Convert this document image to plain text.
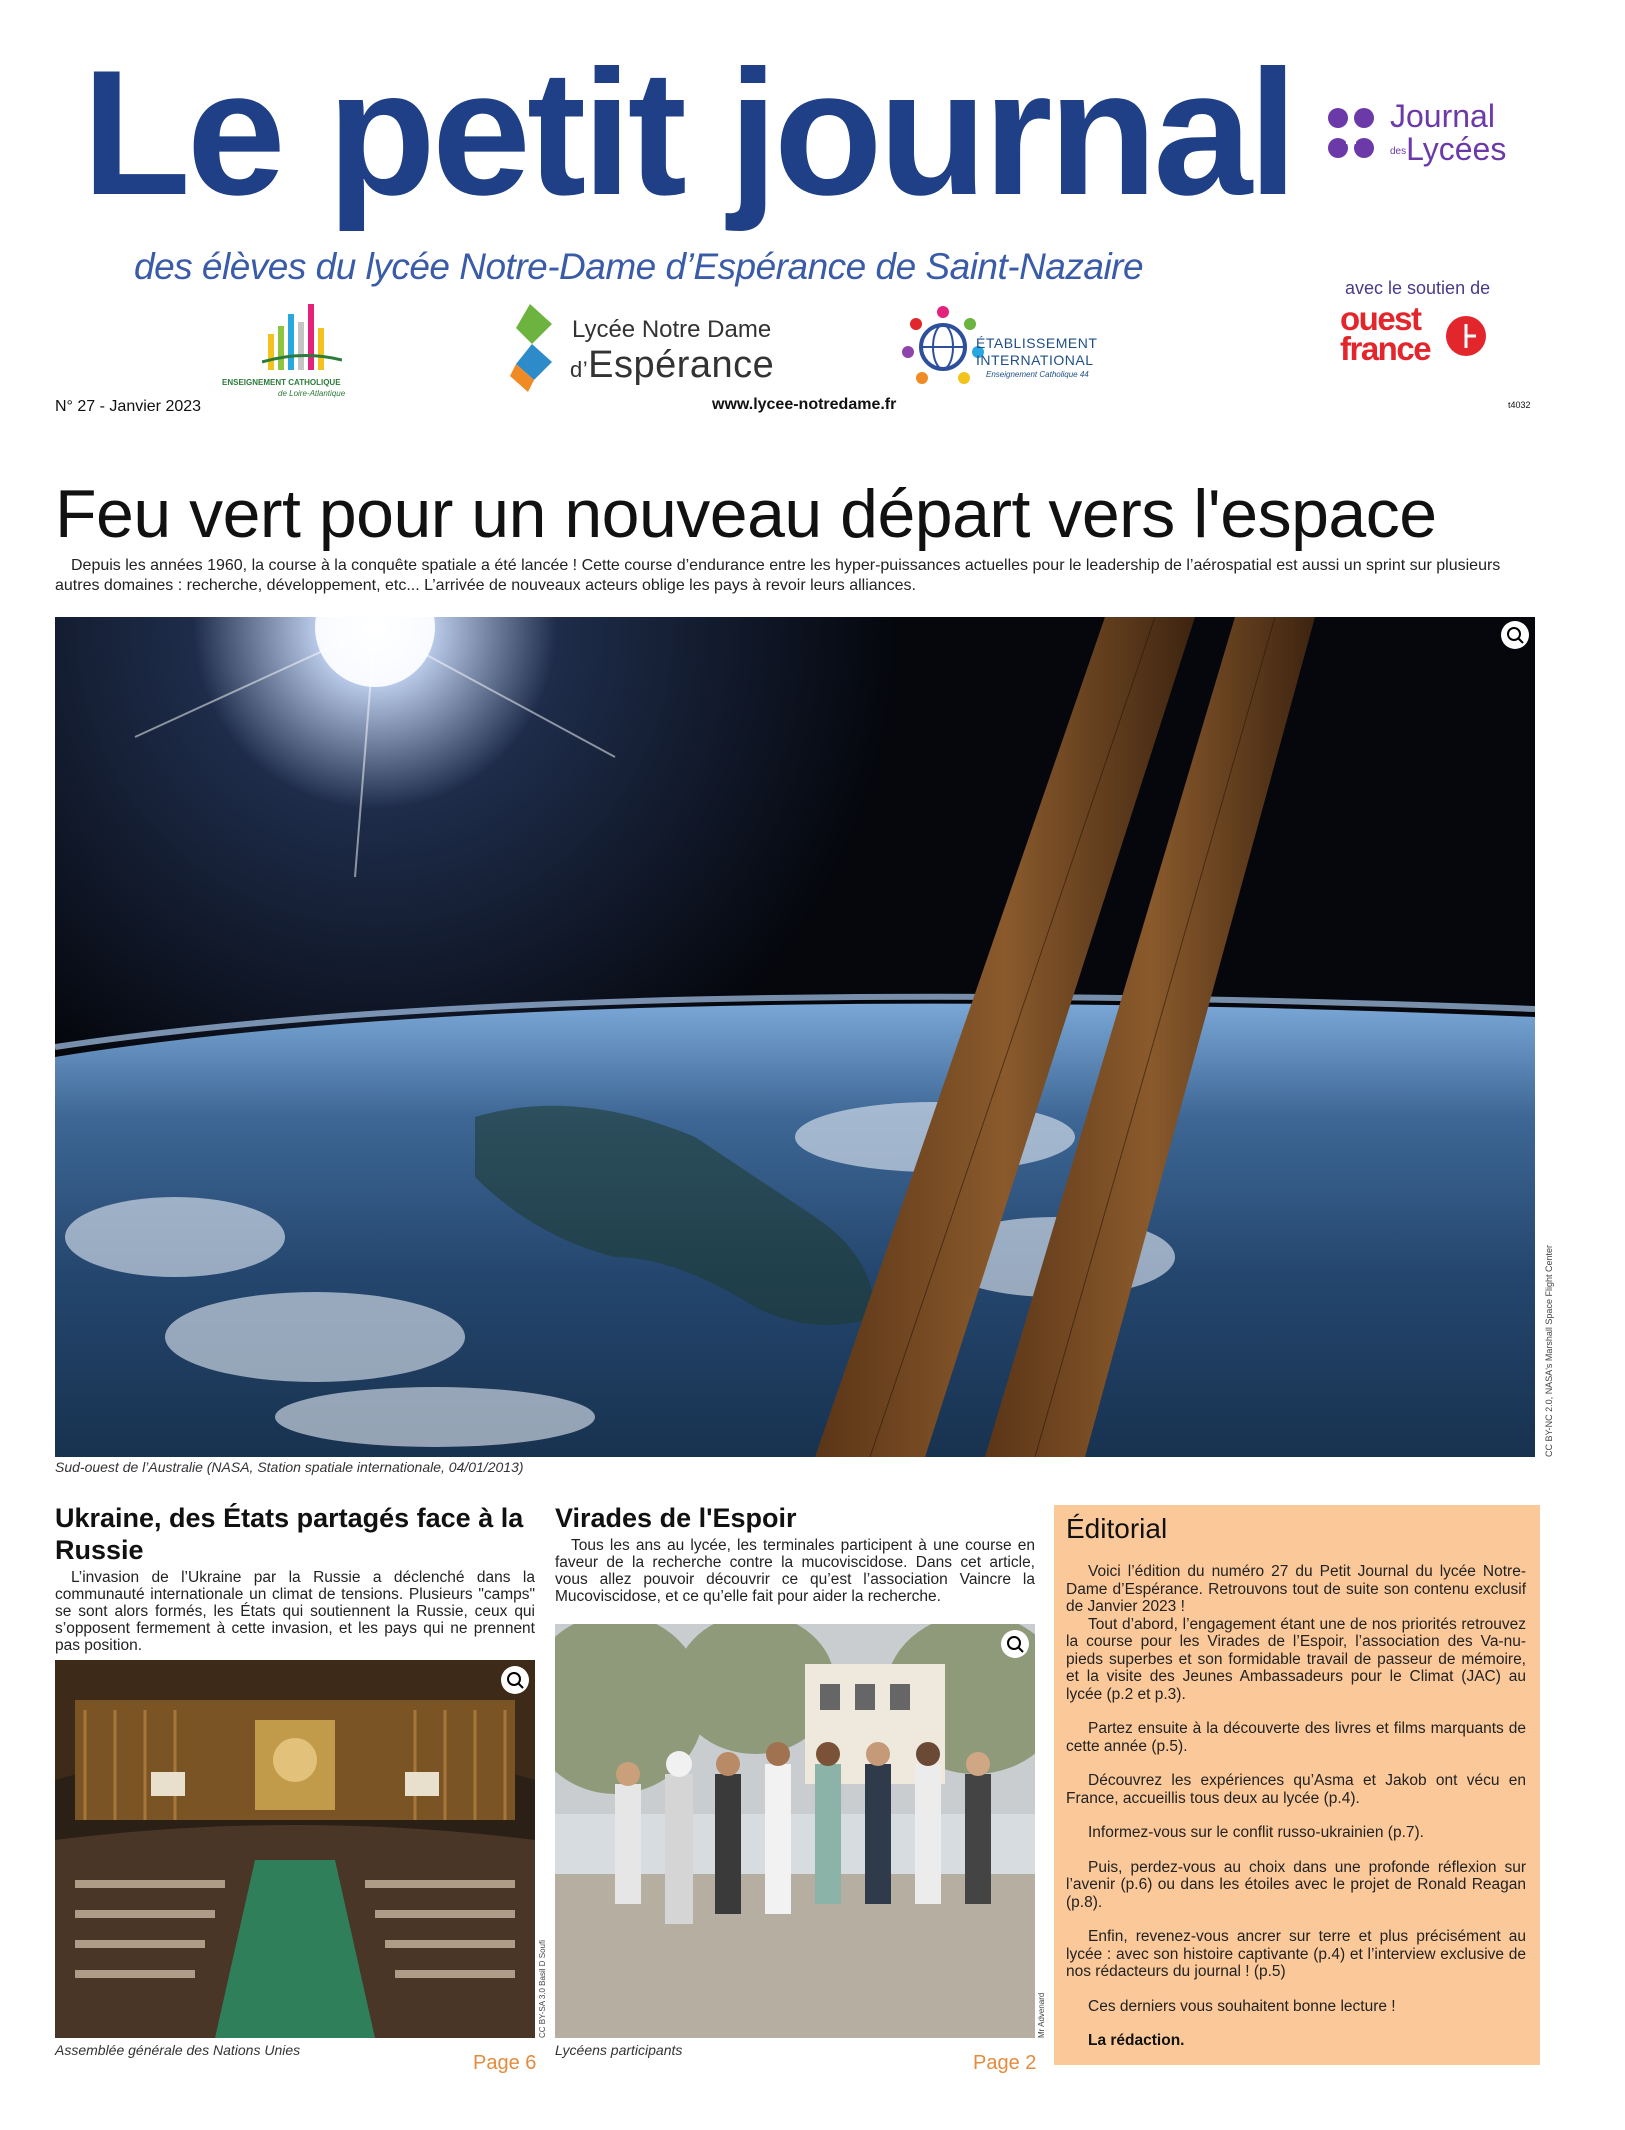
Le petit journal
des élèves du lycée Notre-Dame d’Espérance de Saint-Nazaire
Journal
desLycées
avec le soutien de
ouest
france
ENSEIGNEMENT CATHOLIQUE
de Loire-Atlantique
Lycée Notre Dame
d’Espérance
ÉTABLISSEMENT
INTERNATIONAL
Enseignement Catholique 44
N° 27 - Janvier 2023	www.lycee-notredame.fr	t4032
Feu vert pour un nouveau départ vers l'espace

Depuis les années 1960, la course à la conquête spatiale a été lancée ! Cette course d’endurance entre les hyper-puissances actuelles pour le leadership de l’aérospatial est aussi un sprint sur plusieurs autres domaines : recherche, développement, etc... L’arrivée de nouveaux acteurs oblige les pays à revoir leurs alliances.

Sud-ouest de l’Australie (NASA, Station spatiale internationale, 04/01/2013)
CC BY-NC 2.0, NASA's Marshall Space Flight Center
Ukraine, des États partagés face à la Russie

L’invasion de l’Ukraine par la Russie a déclenché dans la communauté internationale un climat de tensions. Plusieurs "camps" se sont alors formés, les États qui soutiennent la Russie, ceux qui s’opposent fermement à cette invasion, et les pays qui ne prennent pas position.

Assemblée générale des Nations Unies
Page 6
CC BY-SA 3.0 Basil D Soufi
Virades de l'Espoir

Tous les ans au lycée, les terminales participent à une course en faveur de la recherche contre la mucoviscidose. Dans cet article, vous allez pouvoir découvrir ce qu’est l’association Vaincre la Mucoviscidose, et ce qu’elle fait pour aider la recherche.

Lycéens participants
Page 2
Mr Advenard
Éditorial

Voici l’édition du numéro 27 du Petit Journal du lycée Notre-Dame d’Espérance. Retrouvons tout de suite son contenu exclusif de Janvier 2023 !

Tout d’abord, l’engagement étant une de nos priorités retrouvez la course pour les Virades de l’Espoir, l’association des Va-nu-pieds superbes et son formidable travail de passeur de mémoire, et la visite des Jeunes Ambassadeurs pour le Climat (JAC) au lycée (p.2 et p.3).

Partez ensuite à la découverte des livres et films marquants de cette année (p.5).

Découvrez les expériences qu’Asma et Jakob ont vécu en France, accueillis tous deux au lycée (p.4).

Informez-vous sur le conflit russo-ukrainien (p.7).

Puis, perdez-vous au choix dans une profonde réflexion sur l’avenir (p.6) ou dans les étoiles avec le projet de Ronald Reagan (p.8).

Enfin, revenez-vous ancrer sur terre et plus précisément au lycée : avec son histoire captivante (p.4) et l’interview exclusive de nos rédacteurs du journal ! (p.5)

Ces derniers vous souhaitent bonne lecture !

La rédaction.
